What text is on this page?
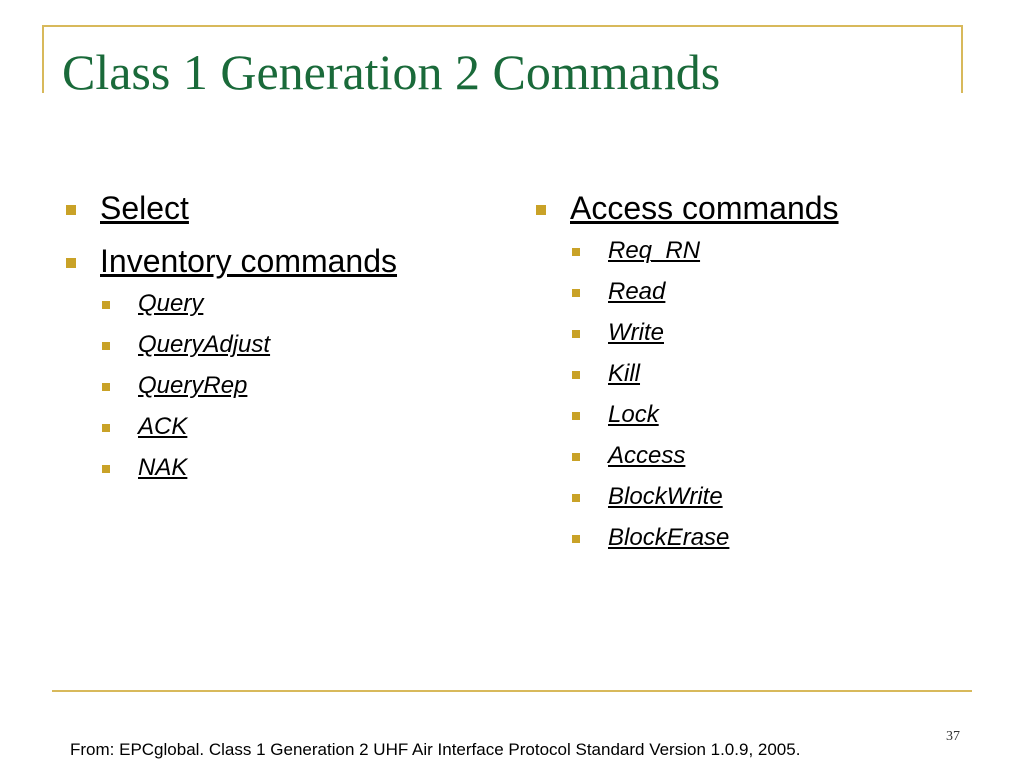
Class 1 Generation 2 Commands
Select
Inventory commands
Query
QueryAdjust
QueryRep
ACK
NAK
Access commands
Req_RN
Read
Write
Kill
Lock
Access
BlockWrite
BlockErase
37
From: EPCglobal. Class 1 Generation 2 UHF Air Interface Protocol Standard Version 1.0.9, 2005.
